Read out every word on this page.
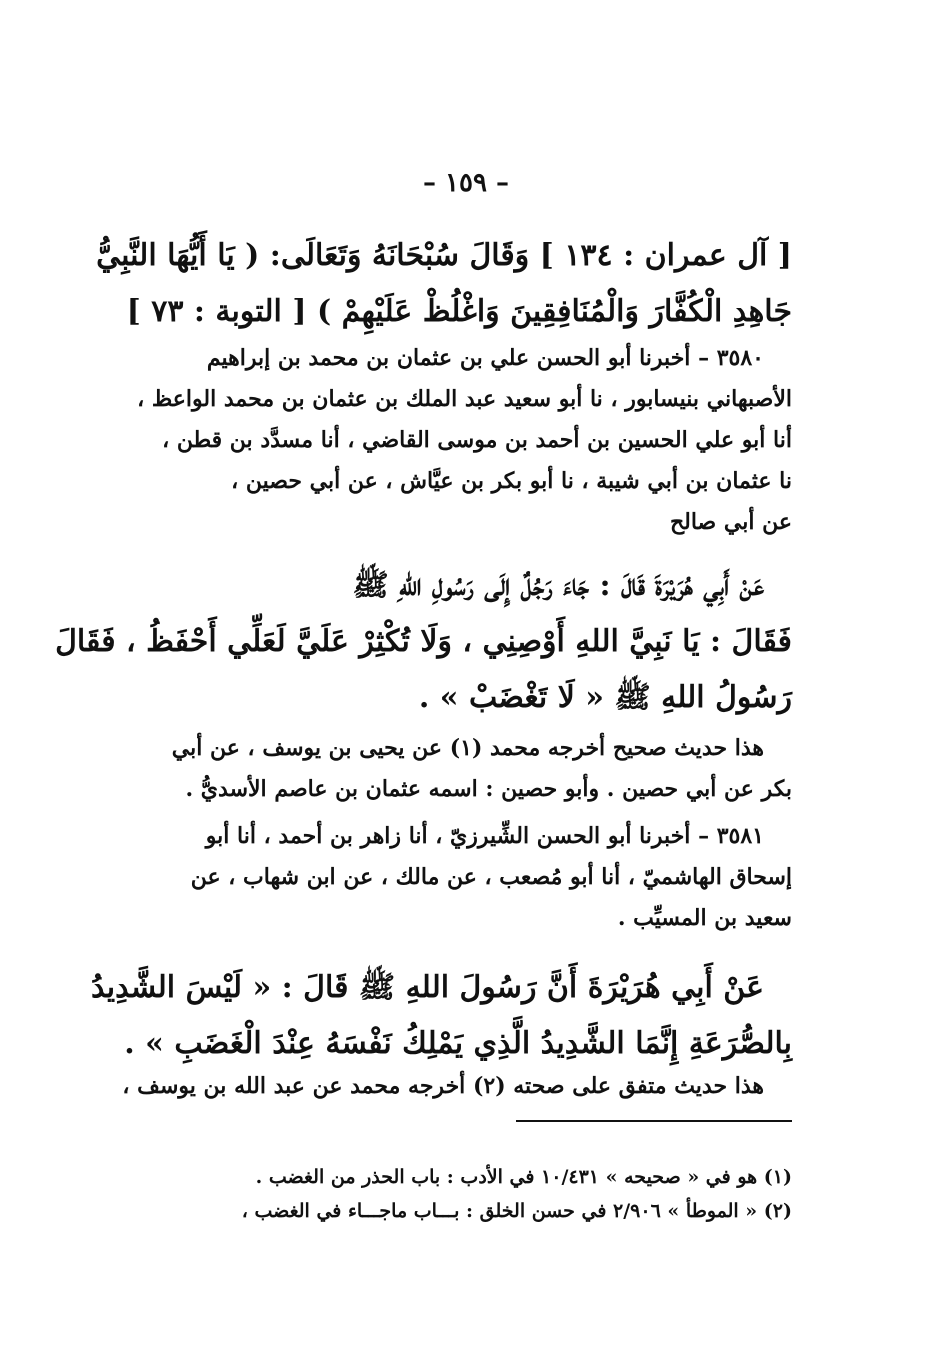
– ١٥٩ –
[ آل عمران : ١٣٤ ] وَقَالَ سُبْحَانَهُ وَتَعَالَى: ( يَا أَيُّهَا النَّبِيُّ
جَاهِدِ الْكُفَّارَ وَالْمُنَافِقِينَ وَاغْلُظْ عَلَيْهِمْ ) [ التوبة : ٧٣ ]
٣٥٨٠ – أخبرنا أبو الحسن علي بن عثمان بن محمد بن إبراهيم
الأصبهاني بنيسابور ، نا أبو سعيد عبد الملك بن عثمان بن محمد الواعظ ،
أنا أبو علي الحسين بن أحمد بن موسى القاضي ، أنا مسدَّد بن قطن ،
نا عثمان بن أبي شيبة ، نا أبو بكر بن عيَّاش ، عن أبي حصين ،
عن أبي صالح
عَنْ أَبِي هُرَيْرَةَ قَالَ : جَاءَ رَجُلٌ إِلَى رَسُولِ اللهِ ﷺ
فَقَالَ : يَا نَبِيَّ اللهِ أَوْصِنِي ، وَلَا تُكْثِرْ عَلَيَّ لَعَلِّي أَحْفَظُ ، فَقَالَ
رَسُولُ اللهِ ﷺ « لَا تَغْضَبْ » .
هذا حديث صحيح أخرجه محمد (١) عن يحيى بن يوسف ، عن أبي
بكر عن أبي حصين . وأبو حصين : اسمه عثمان بن عاصم الأسديُّ .
٣٥٨١ – أخبرنا أبو الحسن الشِّيرزيّ ، أنا زاهر بن أحمد ، أنا أبو
إسحاق الهاشميّ ، أنا أبو مُصعب ، عن مالك ، عن ابن شهاب ، عن
سعيد بن المسيِّب .
عَنْ أَبِي هُرَيْرَةَ أَنَّ رَسُولَ اللهِ ﷺ قَالَ : « لَيْسَ الشَّدِيدُ
بِالصُّرَعَةِ إِنَّمَا الشَّدِيدُ الَّذِي يَمْلِكُ نَفْسَهُ عِنْدَ الْغَضَبِ » .
هذا حديث متفق على صحته (٢) أخرجه محمد عن عبد الله بن يوسف ،
(١) هو في « صحيحه » ١٠/٤٣١ في الأدب : باب الحذر من الغضب .
(٢) « الموطأ » ٢/٩٠٦ في حسن الخلق : بـــاب ماجـــاء في الغضب ،
